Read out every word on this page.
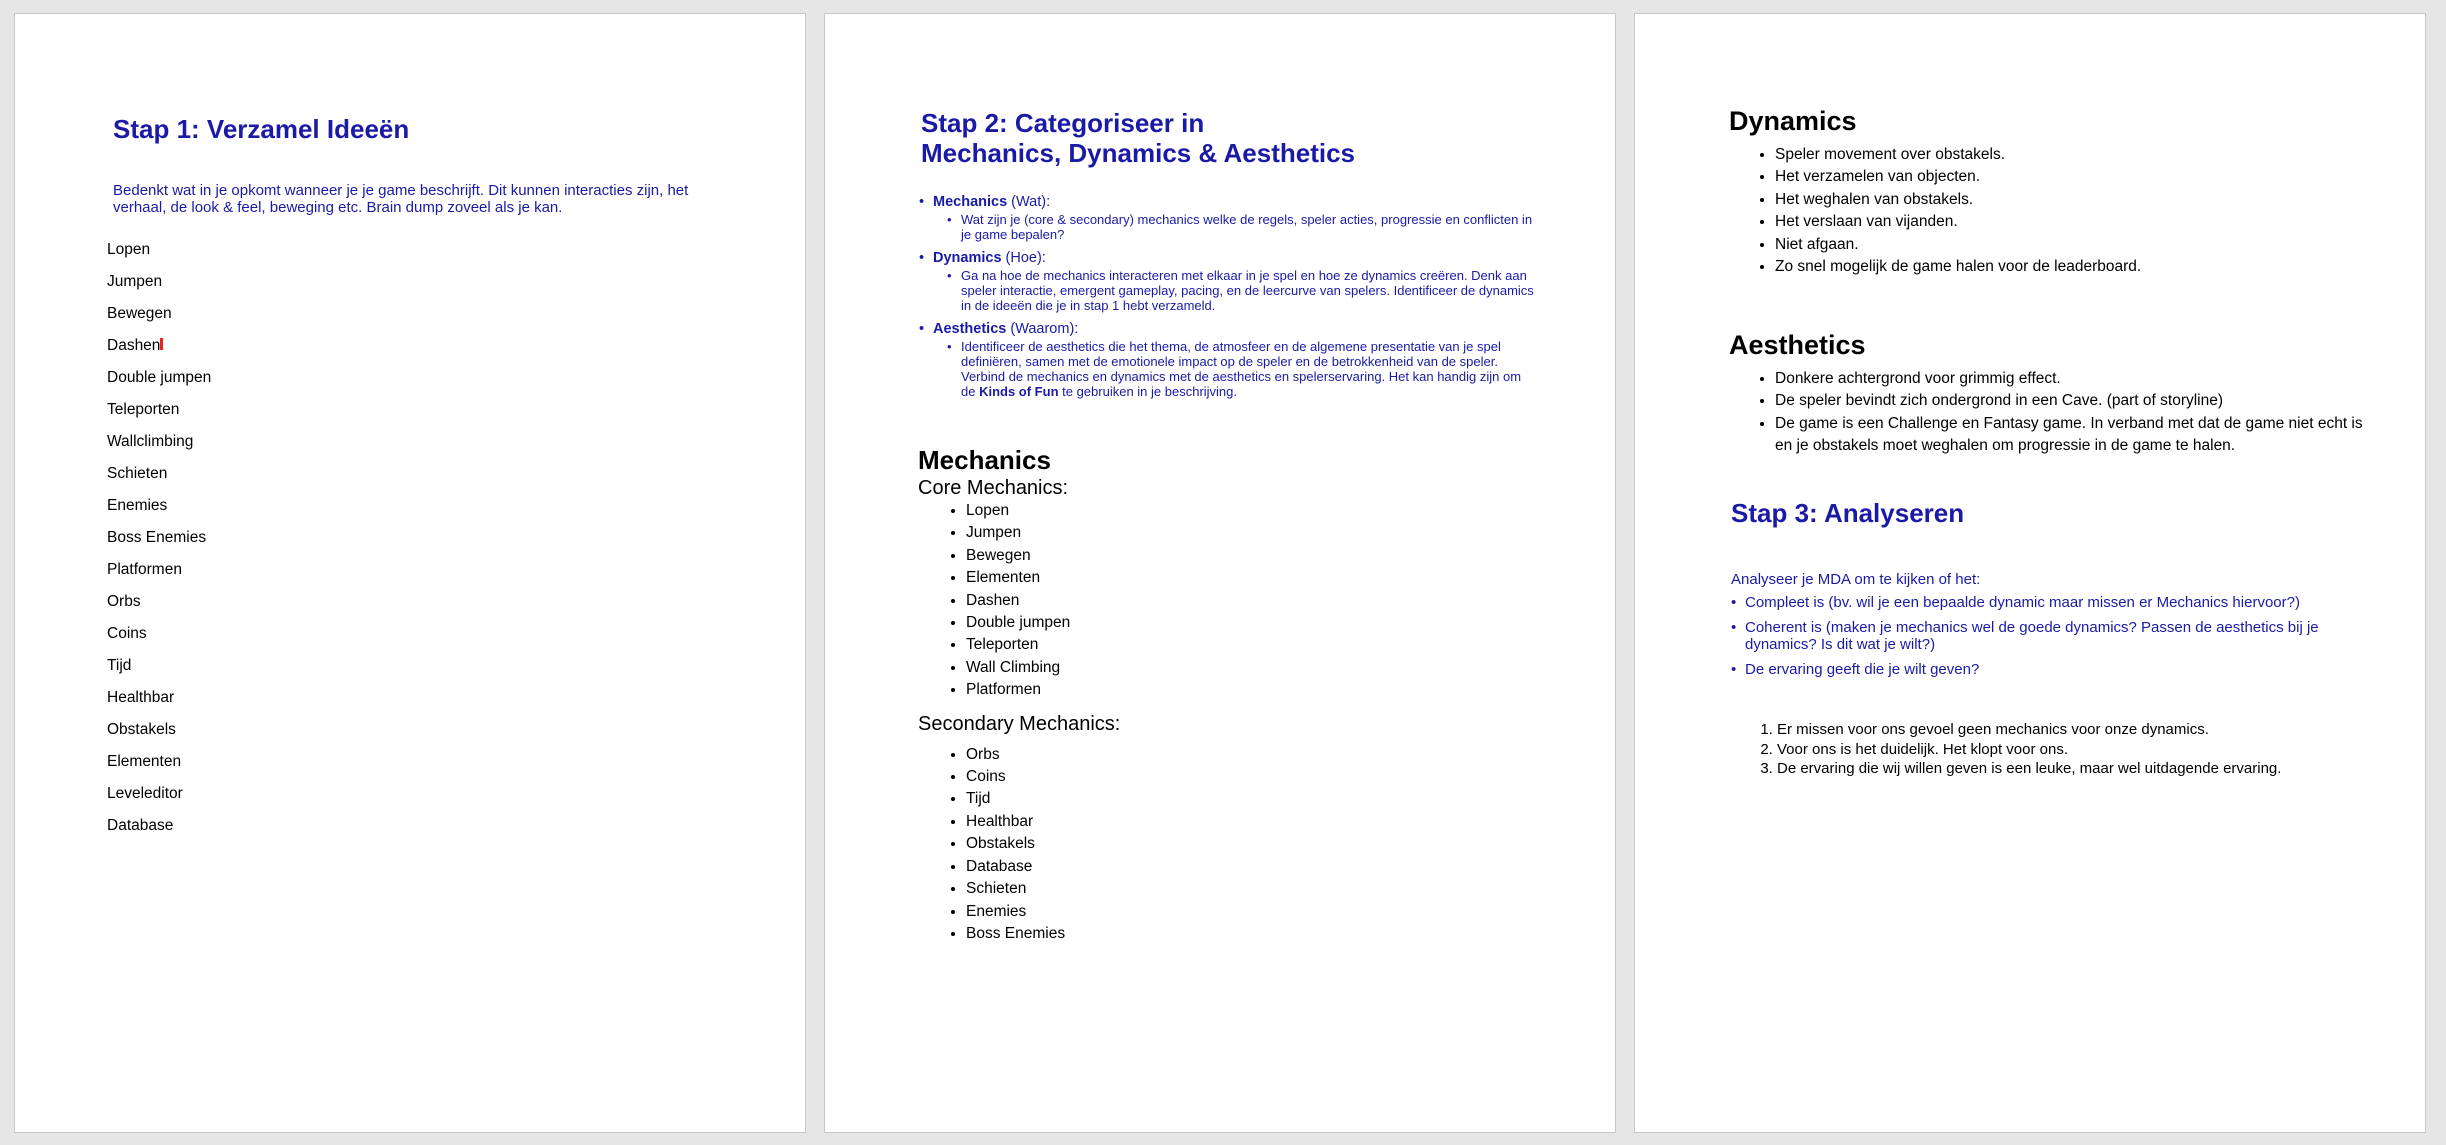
Stap 1: Verzamel Ideeën
Bedenkt wat in je opkomt wanneer je je game beschrijft. Dit kunnen interacties zijn, het verhaal, de look & feel, beweging etc. Brain dump zoveel als je kan.
Lopen
Jumpen
Bewegen
Dashen
Double jumpen
Teleporten
Wallclimbing
Schieten
Enemies
Boss Enemies
Platformen
Orbs
Coins
Tijd
Healthbar
Obstakels
Elementen
Leveleditor
Database
Stap 2: Categoriseer in
Mechanics, Dynamics & Aesthetics
• Mechanics (Wat):
• Wat zijn je (core & secondary) mechanics welke de regels, speler acties, progressie en conflicten in je game bepalen?
• Dynamics (Hoe):
• Ga na hoe de mechanics interacteren met elkaar in je spel en hoe ze dynamics creëren. Denk aan speler interactie, emergent gameplay, pacing, en de leercurve van spelers. Identificeer de dynamics in de ideeën die je in stap 1 hebt verzameld.
• Aesthetics (Waarom):
• Identificeer de aesthetics die het thema, de atmosfeer en de algemene presentatie van je spel definiëren, samen met de emotionele impact op de speler en de betrokkenheid van de speler. Verbind de mechanics en dynamics met de aesthetics en spelerservaring. Het kan handig zijn om de Kinds of Fun te gebruiken in je beschrijving.
Mechanics

Core Mechanics:

• Lopen
• Jumpen
• Bewegen
• Elementen
• Dashen
• Double jumpen
• Teleporten
• Wall Climbing
• Platformen

Secondary Mechanics:

• Orbs
• Coins
• Tijd
• Healthbar
• Obstakels
• Database
• Schieten
• Enemies
• Boss Enemies
Dynamics
• Speler movement over obstakels.
• Het verzamelen van objecten.
• Het weghalen van obstakels.
• Het verslaan van vijanden.
• Niet afgaan.
• Zo snel mogelijk de game halen voor de leaderboard.
Aesthetics
• Donkere achtergrond voor grimmig effect.
• De speler bevindt zich ondergrond in een Cave. (part of storyline)
• De game is een Challenge en Fantasy game. In verband met dat de game niet echt is en je obstakels moet weghalen om progressie in de game te halen.
Stap 3: Analyseren
Analyseer je MDA om te kijken of het:
• Compleet is (bv. wil je een bepaalde dynamic maar missen er Mechanics hiervoor?)
• Coherent is (maken je mechanics wel de goede dynamics? Passen de aesthetics bij je dynamics? Is dit wat je wilt?)
• De ervaring geeft die je wilt geven?
1. Er missen voor ons gevoel geen mechanics voor onze dynamics.
2. Voor ons is het duidelijk. Het klopt voor ons.
3. De ervaring die wij willen geven is een leuke, maar wel uitdagende ervaring.
